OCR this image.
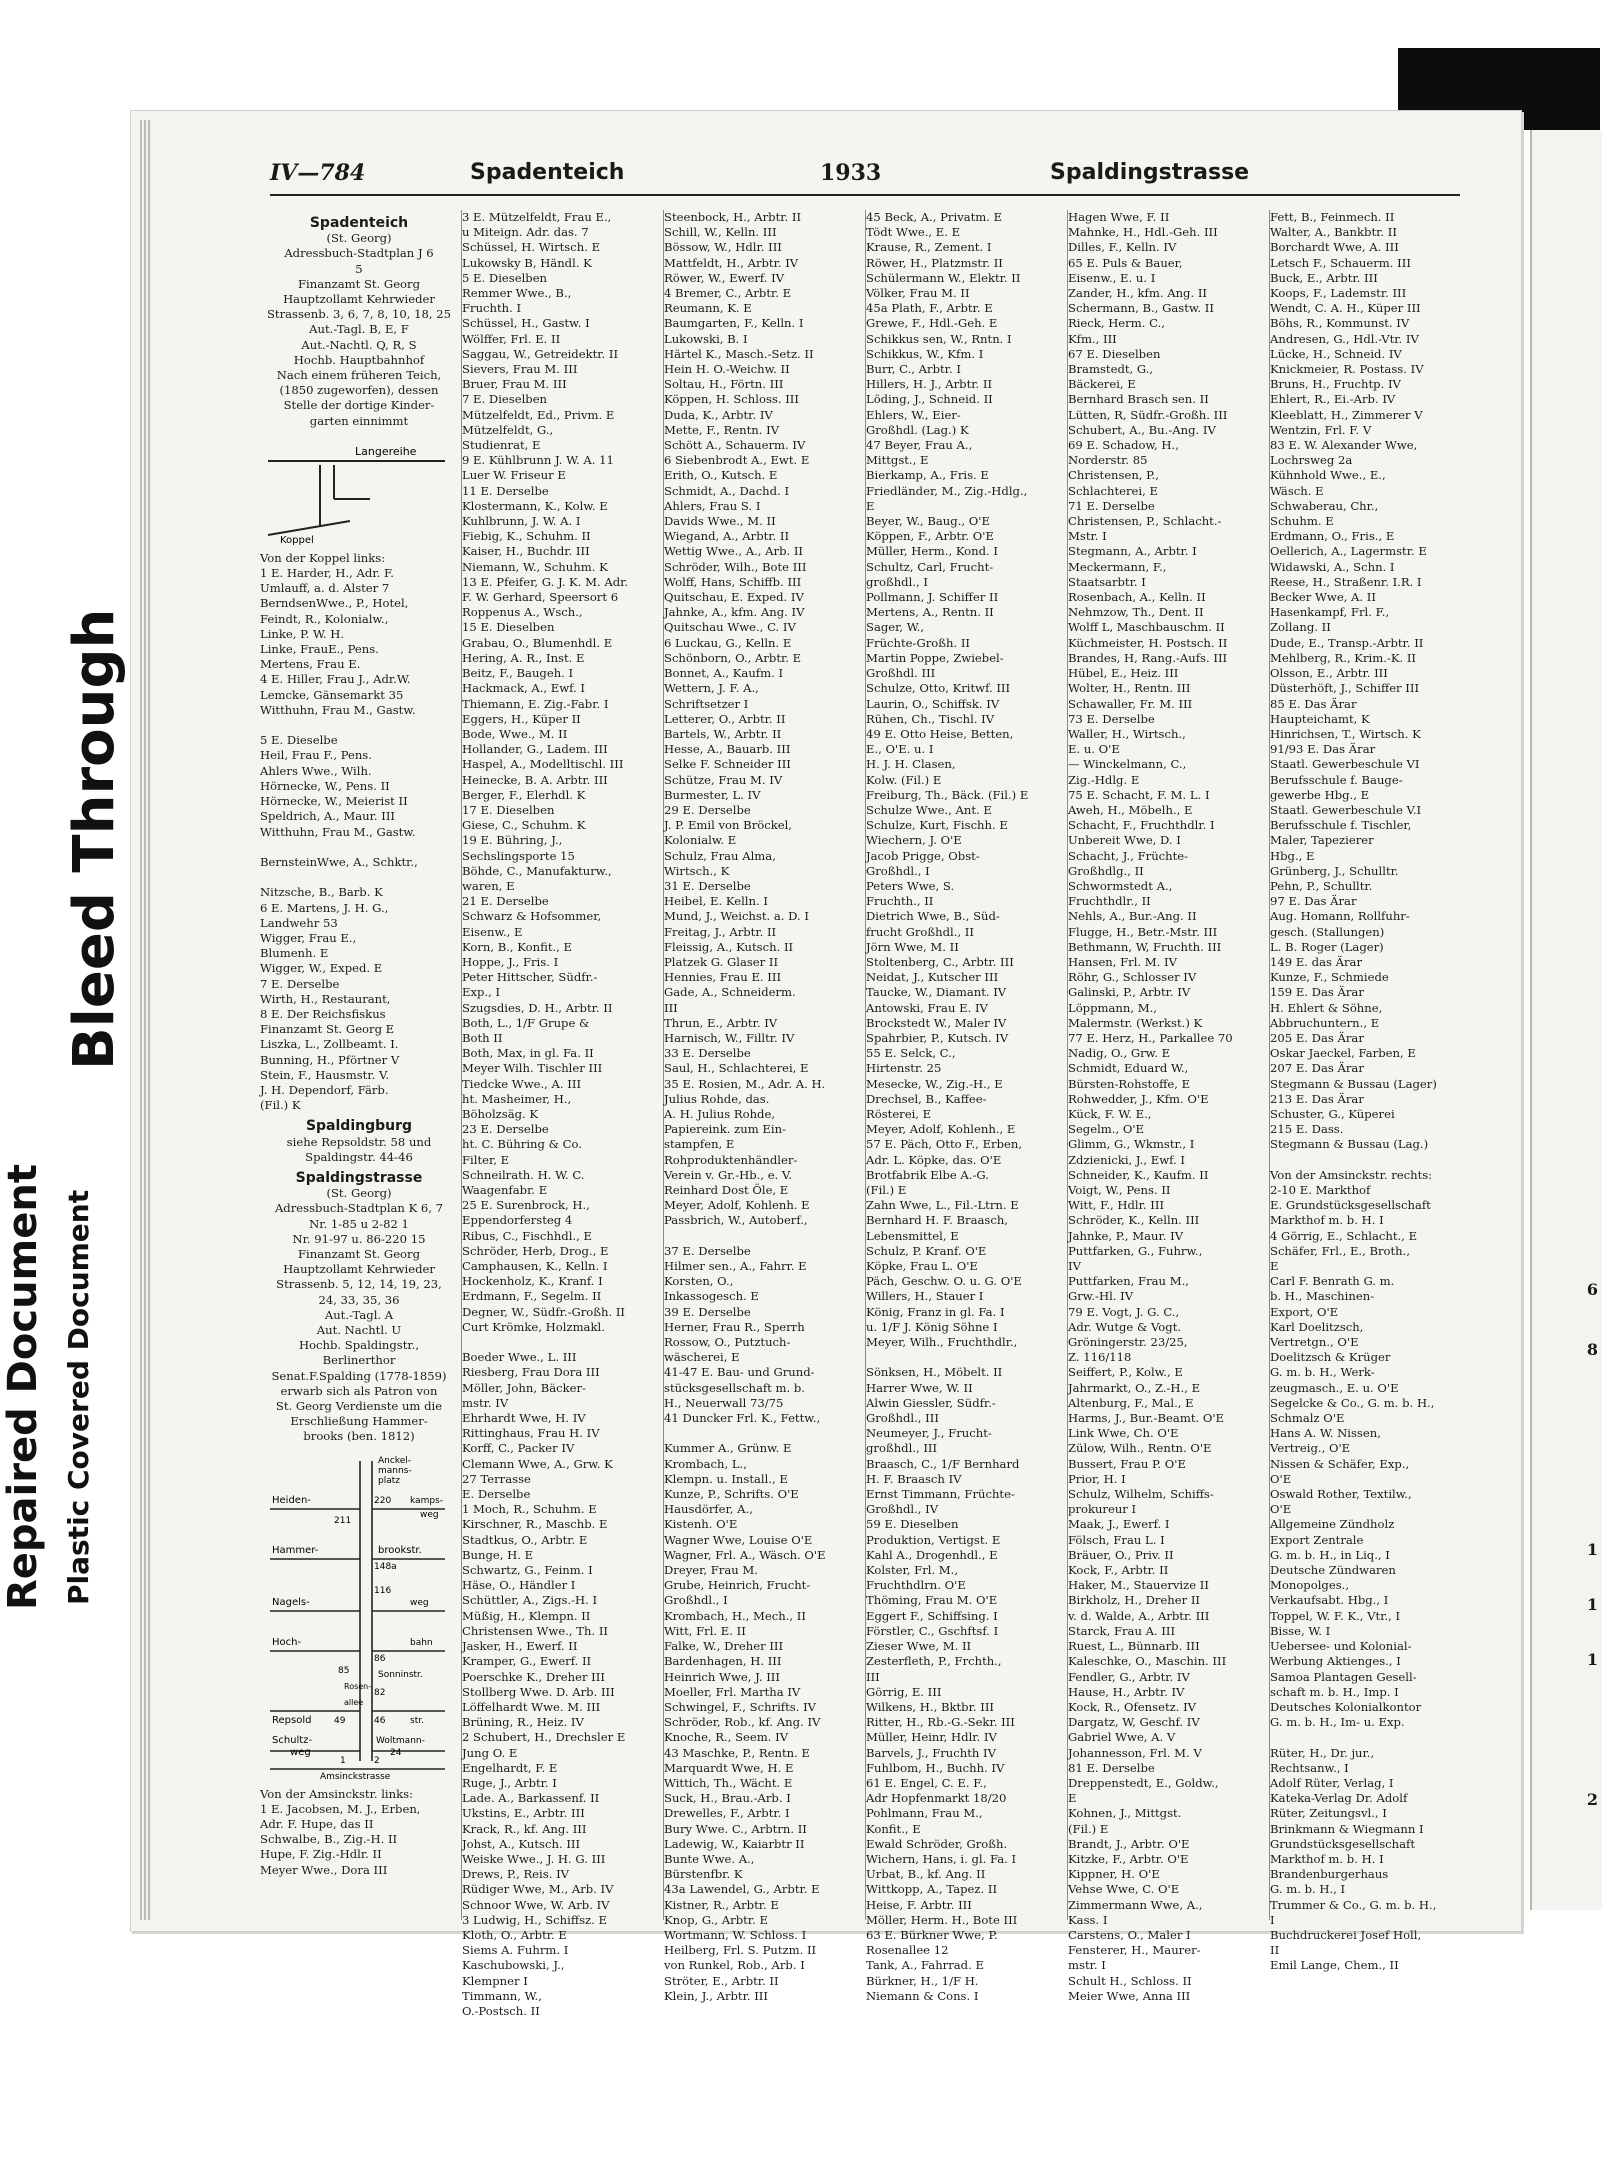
Repaired Document Plastic Covered Document
Bleed Through
6
8
1
1
1
2
IV—784	Spadenteich	1933	Spaldingstrasse
Spadenteich
(St. Georg)
Adressbuch-Stadtplan J 6
5
Finanzamt St. Georg
Hauptzollamt Kehrwieder
Strassenb. 3, 6, 7, 8, 10, 18, 25
Aut.-Tagl. B, E, F
Aut.-Nachtl. Q, R, S
Hochb. Hauptbahnhof
Nach einem früheren Teich,
(1850 zugeworfen), dessen
Stelle der dortige Kinder-
garten einnimmt
Langereihe
Koppel
Von der Koppel links:
1 E. Harder, H., Adr. F.
Umlauff, a. d. Alster 7
BerndsenWwe., P., Hotel,
Feindt, R., Kolonialw.,
Linke, P. W. H.
Linke, FrauE., Pens.
Mertens, Frau E.
4 E. Hiller, Frau J., Adr.W.
Lemcke, Gänsemarkt 35
Witthuhn, Frau M., Gastw.

5 E. Dieselbe
Heil, Frau F., Pens.
Ahlers Wwe., Wilh.
Hörnecke, W., Pens. II
Hörnecke, W., Meierist II
Speldrich, A., Maur. III
Witthuhn, Frau M., Gastw.

BernsteinWwe, A., Schktr.,

Nitzsche, B., Barb. K
6 E. Martens, J. H. G.,
Landwehr 53
Wigger, Frau E.,
Blumenh. E
Wigger, W., Exped. E
7 E. Derselbe
Wirth, H., Restaurant,
8 E. Der Reichsfiskus
Finanzamt St. Georg E
Liszka, L., Zollbeamt. I.
Bunning, H., Pförtner V
Stein, F., Hausmstr. V.
J. H. Dependorf, Färb.
(Fil.) K
Spaldingburg
siehe Repsoldstr. 58 und
Spaldingstr. 44-46
Spaldingstrasse
(St. Georg)
Adressbuch-Stadtplan K 6, 7
Nr. 1-85 u 2-82 1
Nr. 91-97 u. 86-220 15
Finanzamt St. Georg
Hauptzollamt Kehrwieder
Strassenb. 5, 12, 14, 19, 23,
24, 33, 35, 36
Aut.-Tagl. A
Aut. Nachtl. U
Hochb. Spaldingstr.,
Berlinerthor
Senat.F.Spalding (1778-1859)
erwarb sich als Patron von
St. Georg Verdienste um die
Erschließung Hammer-
brooks (ben. 1812)
Anckel-
manns-
platz
Heiden-	kamps-
weg
220
211
Hammer-	brookstr.
148a
116
Nagels-	weg
Hoch-	bahn
86
85	Sonninstr.
82
Rosen-
allee
Repsold	49	46	str.
Woltmann-
24
Schultz-
weg
1	2
Amsinckstrasse
Von der Amsinckstr. links:
1 E. Jacobsen, M. J., Erben,
Adr. F. Hupe, das II
Schwalbe, B., Zig.-H. II
Hupe, F. Zig.-Hdlr. II
Meyer Wwe., Dora III
3 E. Mützelfeldt, Frau E.,
u Miteign. Adr. das. 7
Schüssel, H. Wirtsch. E
Lukowsky B, Händl. K
5 E. Dieselben
Remmer Wwe., B.,
Fruchth. I
Schüssel, H., Gastw. I
Wölffer, Frl. E. II
Saggau, W., Getreidektr. II
Sievers, Frau M. III
Bruer, Frau M. III
7 E. Dieselben
Mützelfeldt, Ed., Privm. E
Mützelfeldt, G.,
Studienrat, E
9 E. Kühlbrunn J. W. A. 11
Luer W. Friseur E
11 E. Derselbe
Klostermann, K., Kolw. E
Kuhlbrunn, J. W. A. I
Fiebig, K., Schuhm. II
Kaiser, H., Buchdr. III
Niemann, W., Schuhm. K
13 E. Pfeifer, G. J. K. M. Adr.
F. W. Gerhard, Speersort 6
Roppenus A., Wsch.,
15 E. Dieselben
Grabau, O., Blumenhdl. E
Hering, A. R., Inst. E
Beitz, F., Baugeh. I
Hackmack, A., Ewf. I
Thiemann, E. Zig.-Fabr. I
Eggers, H., Küper II
Bode, Wwe., M. II
Hollander, G., Ladem. III
Haspel, A., Modelltischl. III
Heinecke, B. A. Arbtr. III
Berger, F., Elerhdl. K
17 E. Dieselben
Giese, C., Schuhm. K
19 E. Bühring, J.,
Sechslingsporte 15
Böhde, C., Manufakturw.,
waren, E
21 E. Derselbe
Schwarz & Hofsommer,
Eisenw., E
Korn, B., Konfit., E
Hoppe, J., Fris. I
Peter Hittscher, Südfr.-
Exp., I
Szugsdies, D. H., Arbtr. II
Both, L., 1/F Grupe &
Both II
Both, Max, in gl. Fa. II
Meyer Wilh. Tischler III
Tiedcke Wwe., A. III
ht. Masheimer, H.,
Böholzsäg. K
23 E. Derselbe
ht. C. Bühring & Co.
Filter, E
Schneilrath. H. W. C.
Waagenfabr. E
25 E. Surenbrock, H.,
Eppendorfersteg 4
Ribus, C., Fischhdl., E
Schröder, Herb, Drog., E
Camphausen, K., Kelln. I
Hockenholz, K., Kranf. I
Erdmann, F., Segelm. II
Degner, W., Südfr.-Großh. II
Curt Krömke, Holzmakl.

Boeder Wwe., L. III
Riesberg, Frau Dora III
Möller, John, Bäcker-
mstr. IV
Ehrhardt Wwe, H. IV
Rittinghaus, Frau H. IV
Korff, C., Packer IV
Clemann Wwe, A., Grw. K
27 Terrasse
E. Derselbe
1 Moch, R., Schuhm. E
Kirschner, R., Maschb. E
Stadtkus, O., Arbtr. E
Bunge, H. E
Schwartz, G., Feinm. I
Häse, O., Händler I
Schüttler, A., Zigs.-H. I
Müßig, H., Klempn. II
Christensen Wwe., Th. II
Jasker, H., Ewerf. II
Kramper, G., Ewerf. II
Poerschke K., Dreher III
Stollberg Wwe. D. Arb. III
Löffelhardt Wwe. M. III
Brüning, R., Heiz. IV
2 Schubert, H., Drechsler E
Jung O. E
Engelhardt, F. E
Ruge, J., Arbtr. I
Lade. A., Barkassenf. II
Ukstins, E., Arbtr. III
Krack, R., kf. Ang. III
Johst, A., Kutsch. III
Weiske Wwe., J. H. G. III
Drews, P., Reis. IV
Rüdiger Wwe, M., Arb. IV
Schnoor Wwe, W. Arb. IV
3 Ludwig, H., Schiffsz. E
Kloth, O., Arbtr. E
Siems A. Fuhrm. I
Kaschubowski, J.,
Klempner I
Timmann, W.,
O.-Postsch. II
Steenbock, H., Arbtr. II
Schill, W., Kelln. III
Bössow, W., Hdlr. III
Mattfeldt, H., Arbtr. IV
Röwer, W., Ewerf. IV
4 Bremer, C., Arbtr. E
Reumann, K. E
Baumgarten, F., Kelln. I
Lukowski, B. I
Härtel K., Masch.-Setz. II
Hein H. O.-Weichw. II
Soltau, H., Förtn. III
Köppen, H. Schloss. III
Duda, K., Arbtr. IV
Mette, F., Rentn. IV
Schött A., Schauerm. IV
6 Siebenbrodt A., Ewt. E
Erith, O., Kutsch. E
Schmidt, A., Dachd. I
Ahlers, Frau S. I
Davids Wwe., M. II
Wiegand, A., Arbtr. II
Wettig Wwe., A., Arb. II
Schröder, Wilh., Bote III
Wolff, Hans, Schiffb. III
Quitschau, E. Exped. IV
Jahnke, A., kfm. Ang. IV
Quitschau Wwe., C. IV
6 Luckau, G., Kelln. E
Schönborn, O., Arbtr. E
Bonnet, A., Kaufm. I
Wettern, J. F. A.,
Schriftsetzer I
Letterer, O., Arbtr. II
Bartels, W., Arbtr. II
Hesse, A., Bauarb. III
Selke F. Schneider III
Schütze, Frau M. IV
Burmester, L. IV
29 E. Derselbe
J. P. Emil von Bröckel,
Kolonialw. E
Schulz, Frau Alma,
Wirtsch., K
31 E. Derselbe
Heibel, E. Kelln. I
Mund, J., Weichst. a. D. I
Freitag, J., Arbtr. II
Fleissig, A., Kutsch. II
Platzek G. Glaser II
Hennies, Frau E. III
Gade, A., Schneiderm.
III
Thrun, E., Arbtr. IV
Harnisch, W., Filltr. IV
33 E. Derselbe
Saul, H., Schlachterei, E
35 E. Rosien, M., Adr. A. H.
Julius Rohde, das.
A. H. Julius Rohde,
Papiereink. zum Ein-
stampfen, E
Rohproduktenhändler-
Verein v. Gr.-Hb., e. V.
Reinhard Dost Öle, E
Meyer, Adolf, Kohlenh. E
Passbrich, W., Autoberf.,

37 E. Derselbe
Hilmer sen., A., Fahrr. E
Korsten, O.,
Inkassogesch. E
39 E. Derselbe
Herner, Frau R., Sperrh
Rossow, O., Putztuch-
wäscherei, E
41-47 E. Bau- und Grund-
stücksgesellschaft m. b.
H., Neuerwall 73/75
41 Duncker Frl. K., Fettw.,

Kummer A., Grünw. E
Krombach, L.,
Klempn. u. Install., E
Kunze, P., Schrifts. O'E
Hausdörfer, A.,
Kistenh. O'E
Wagner Wwe, Louise O'E
Wagner, Frl. A., Wäsch. O'E
Dreyer, Frau M.
Grube, Heinrich, Frucht-
Großhdl., I
Krombach, H., Mech., II
Witt, Frl. E. II
Falke, W., Dreher III
Bardenhagen, H. III
Heinrich Wwe, J. III
Moeller, Frl. Martha IV
Schwingel, F., Schrifts. IV
Schröder, Rob., kf. Ang. IV
Knoche, R., Seem. IV
43 Maschke, P., Rentn. E
Marquardt Wwe, H. E
Wittich, Th., Wächt. E
Suck, H., Brau.-Arb. I
Drewelles, F., Arbtr. I
Bury Wwe. C., Arbtrn. II
Ladewig, W., Kaiarbtr II
Bunte Wwe. A.,
Bürstenfbr. K
43a Lawendel, G., Arbtr. E
Kistner, R., Arbtr. E
Knop, G., Arbtr. E
Wortmann, W. Schloss. I
Heilberg, Frl. S. Putzm. II
von Runkel, Rob., Arb. I
Ströter, E., Arbtr. II
Klein, J., Arbtr. III
45 Beck, A., Privatm. E
Tödt Wwe., E. E
Krause, R., Zement. I
Röwer, H., Platzmstr. II
Schülermann W., Elektr. II
Völker, Frau M. II
45a Plath, F., Arbtr. E
Grewe, F., Hdl.-Geh. E
Schikkus sen, W., Rntn. I
Schikkus, W., Kfm. I
Burr, C., Arbtr. I
Hillers, H. J., Arbtr. II
Löding, J., Schneid. II
Ehlers, W., Eier-
Großhdl. (Lag.) K
47 Beyer, Frau A.,
Mittgst., E
Bierkamp, A., Fris. E
Friedländer, M., Zig.-Hdlg.,
E
Beyer, W., Baug., O'E
Köppen, F., Arbtr. O'E
Müller, Herm., Kond. I
Schultz, Carl, Frucht-
großhdl., I
Pollmann, J. Schiffer II
Mertens, A., Rentn. II
Sager, W.,
Früchte-Großh. II
Martin Poppe, Zwiebel-
Großhdl. III
Schulze, Otto, Kritwf. III
Laurin, O., Schiffsk. IV
Rühen, Ch., Tischl. IV
49 E. Otto Heise, Betten,
E., O'E. u. I
H. J. H. Clasen,
Kolw. (Fil.) E
Freiburg, Th., Bäck. (Fil.) E
Schulze Wwe., Ant. E
Schulze, Kurt, Fischh. E
Wiechern, J. O'E
Jacob Prigge, Obst-
Großhdl., I
Peters Wwe, S.
Fruchth., II
Dietrich Wwe, B., Süd-
frucht Großhdl., II
Jörn Wwe, M. II
Stoltenberg, C., Arbtr. III
Neidat, J., Kutscher III
Taucke, W., Diamant. IV
Antowski, Frau E. IV
Brockstedt W., Maler IV
Spahrbier, P., Kutsch. IV
55 E. Selck, C.,
Hirtenstr. 25
Mesecke, W., Zig.-H., E
Drechsel, B., Kaffee-
Rösterei, E
Meyer, Adolf, Kohlenh., E
57 E. Päch, Otto F., Erben,
Adr. L. Köpke, das. O'E
Brotfabrik Elbe A.-G.
(Fil.) E
Zahn Wwe, L., Fil.-Ltrn. E
Bernhard H. F. Braasch,
Lebensmittel, E
Schulz, P. Kranf. O'E
Köpke, Frau L. O'E
Päch, Geschw. O. u. G. O'E
Willers, H., Stauer I
König, Franz in gl. Fa. I
u. 1/F J. König Söhne I
Meyer, Wilh., Fruchthdlr.,

Sönksen, H., Möbelt. II
Harrer Wwe, W. II
Alwin Giessler, Südfr.-
Großhdl., III
Neumeyer, J., Frucht-
großhdl., III
Braasch, C., 1/F Bernhard
H. F. Braasch IV
Ernst Timmann, Früchte-
Großhdl., IV
59 E. Dieselben
Produktion, Vertigst. E
Kahl A., Drogenhdl., E
Kolster, Frl. M.,
Fruchthdlrn. O'E
Thöming, Frau M. O'E
Eggert F., Schiffsing. I
Förstler, C., Gschftsf. I
Zieser Wwe, M. II
Zesterfleth, P., Frchth.,
III
Görrig, E. III
Wilkens, H., Bktbr. III
Ritter, H., Rb.-G.-Sekr. III
Müller, Heinr, Hdlr. IV
Barvels, J., Fruchth IV
Fuhlbom, H., Buchh. IV
61 E. Engel, C. E. F.,
Adr Hopfenmarkt 18/20
Pohlmann, Frau M.,
Konfit., E
Ewald Schröder, Großh.
Wichern, Hans, i. gl. Fa. I
Urbat, B., kf. Ang. II
Wittkopp, A., Tapez. II
Heise, F. Arbtr. III
Möller, Herm. H., Bote III
63 E. Bürkner Wwe, P.
Rosenallee 12
Tank, A., Fahrrad. E
Bürkner, H., 1/F H.
Niemann & Cons. I
Hagen Wwe, F. II
Mahnke, H., Hdl.-Geh. III
Dilles, F., Kelln. IV
65 E. Puls & Bauer,
Eisenw., E. u. I
Zander, H., kfm. Ang. II
Schermann, B., Gastw. II
Rieck, Herm. C.,
Kfm., III
67 E. Dieselben
Bramstedt, G.,
Bäckerei, E
Bernhard Brasch sen. II
Lütten, R, Südfr.-Großh. III
Schubert, A., Bu.-Ang. IV
69 E. Schadow, H.,
Norderstr. 85
Christensen, P.,
Schlachterei, E
71 E. Derselbe
Christensen, P., Schlacht.-
Mstr. I
Stegmann, A., Arbtr. I
Meckermann, F.,
Staatsarbtr. I
Rosenbach, A., Kelln. II
Nehmzow, Th., Dent. II
Wolff L, Maschbauschm. II
Küchmeister, H. Postsch. II
Brandes, H, Rang.-Aufs. III
Hübel, E., Heiz. III
Wolter, H., Rentn. III
Schawaller, Fr. M. III
73 E. Derselbe
Waller, H., Wirtsch.,
E. u. O'E
— Winckelmann, C.,
Zig.-Hdlg. E
75 E. Schacht, F. M. L. I
Aweh, H., Möbelh., E
Schacht, F., Fruchthdlr. I
Unbereit Wwe, D. I
Schacht, J., Früchte-
Großhdlg., II
Schwormstedt A.,
Fruchthdlr., II
Nehls, A., Bur.-Ang. II
Flugge, H., Betr.-Mstr. III
Bethmann, W, Fruchth. III
Hansen, Frl. M. IV
Röhr, G., Schlosser IV
Galinski, P., Arbtr. IV
Löppmann, M.,
Malermstr. (Werkst.) K
77 E. Herz, H., Parkallee 70
Nadig, O., Grw. E
Schmidt, Eduard W.,
Bürsten-Rohstoffe, E
Rohwedder, J., Kfm. O'E
Kück, F. W. E.,
Segelm., O'E
Glimm, G., Wkmstr., I
Zdzienicki, J., Ewf. I
Schneider, K., Kaufm. II
Voigt, W., Pens. II
Witt, F., Hdlr. III
Schröder, K., Kelln. III
Jahnke, P., Maur. IV
Puttfarken, G., Fuhrw.,
IV
Puttfarken, Frau M.,
Grw.-Hl. IV
79 E. Vogt, J. G. C.,
Adr. Wutge & Vogt.
Gröningerstr. 23/25,
Z. 116/118
Seiffert, P., Kolw., E
Jahrmarkt, O., Z.-H., E
Altenburg, F., Mal., E
Harms, J., Bur.-Beamt. O'E
Link Wwe, Ch. O'E
Zülow, Wilh., Rentn. O'E
Bussert, Frau P. O'E
Prior, H. I
Schulz, Wilhelm, Schiffs-
prokureur I
Maak, J., Ewerf. I
Fölsch, Frau L. I
Bräuer, O., Priv. II
Kock, F., Arbtr. II
Haker, M., Stauervize II
Birkholz, H., Dreher II
v. d. Walde, A., Arbtr. III
Starck, Frau A. III
Ruest, L., Bünnarb. III
Kaleschke, O., Maschin. III
Fendler, G., Arbtr. IV
Hause, H., Arbtr. IV
Kock, R., Ofensetz. IV
Dargatz, W, Geschf. IV
Gabriel Wwe, A. V
Johannesson, Frl. M. V
81 E. Derselbe
Dreppenstedt, E., Goldw.,
E
Kohnen, J., Mittgst.
(Fil.) E
Brandt, J., Arbtr. O'E
Kitzke, F., Arbtr. O'E
Kippner, H. O'E
Vehse Wwe, C. O'E
Zimmermann Wwe, A.,
Kass. I
Carstens, O., Maler I
Fensterer, H., Maurer-
mstr. I
Schult H., Schloss. II
Meier Wwe, Anna III
Fett, B., Feinmech. II
Walter, A., Bankbtr. II
Borchardt Wwe, A. III
Letsch F., Schauerm. III
Buck, E., Arbtr. III
Koops, F., Lademstr. III
Wendt, C. A. H., Küper III
Böhs, R., Kommunst. IV
Andresen, G., Hdl.-Vtr. IV
Lücke, H., Schneid. IV
Knickmeier, R. Postass. IV
Bruns, H., Fruchtp. IV
Ehlert, R., Ei.-Arb. IV
Kleeblatt, H., Zimmerer V
Wentzin, Frl. F. V
83 E. W. Alexander Wwe,
Lochrsweg 2a
Kühnhold Wwe., E.,
Wäsch. E
Schwaberau, Chr.,
Schuhm. E
Erdmann, O., Fris., E
Oellerich, A., Lagermstr. E
Widawski, A., Schn. I
Reese, H., Straßenr. I.R. I
Becker Wwe, A. II
Hasenkampf, Frl. F.,
Zollang. II
Dude, E., Transp.-Arbtr. II
Mehlberg, R., Krim.-K. II
Olsson, E., Arbtr. III
Düsterhöft, J., Schiffer III
85 E. Das Ärar
Haupteichamt, K
Hinrichsen, T., Wirtsch. K
91/93 E. Das Ärar
Staatl. Gewerbeschule VI
Berufsschule f. Bauge-
gewerbe Hbg., E
Staatl. Gewerbeschule V.I
Berufsschule f. Tischler,
Maler, Tapezierer
Hbg., E
Grünberg, J., Schulltr.
Pehn, P., Schulltr.
97 E. Das Ärar
Aug. Homann, Rollfuhr-
gesch. (Stallungen)
L. B. Roger (Lager)
149 E. das Ärar
Kunze, F., Schmiede
159 E. Das Ärar
H. Ehlert & Söhne,
Abbruchuntern., E
205 E. Das Ärar
Oskar Jaeckel, Farben, E
207 E. Das Ärar
Stegmann & Bussau (Lager)
213 E. Das Ärar
Schuster, G., Küperei
215 E. Dass.
Stegmann & Bussau (Lag.)

Von der Amsinckstr. rechts:
2-10 E. Markthof
E. Grundstücksgesellschaft
Markthof m. b. H. I
4 Görrig, E., Schlacht., E
Schäfer, Frl., E., Broth.,
E
Carl F. Benrath G. m.
b. H., Maschinen-
Export, O'E
Karl Doelitzsch,
Vertretgn., O'E
Doelitzsch & Krüger
G. m. b. H., Werk-
zeugmasch., E. u. O'E
Segelcke & Co., G. m. b. H.,
Schmalz O'E
Hans A. W. Nissen,
Vertreig., O'E
Nissen & Schäfer, Exp.,
O'E
Oswald Rother, Textilw.,
O'E
Allgemeine Zündholz
Export Zentrale
G. m. b. H., in Liq., I
Deutsche Zündwaren
Monopolges.,
Verkaufsabt. Hbg., I
Toppel, W. F. K., Vtr., I
Bisse, W. I
Uebersee- und Kolonial-
Werbung Aktienges., I
Samoa Plantagen Gesell-
schaft m. b. H., Imp. I
Deutsches Kolonialkontor
G. m. b. H., Im- u. Exp.

Rüter, H., Dr. jur.,
Rechtsanw., I
Adolf Rüter, Verlag, I
Kateka-Verlag Dr. Adolf
Rüter, Zeitungsvl., I
Brinkmann & Wiegmann I
Grundstücksgesellschaft
Markthof m. b. H. I
Brandenburgerhaus
G. m. b. H., I
Trummer & Co., G. m. b. H.,
I
Buchdruckerei Josef Holl,
II
Emil Lange, Chem., II
